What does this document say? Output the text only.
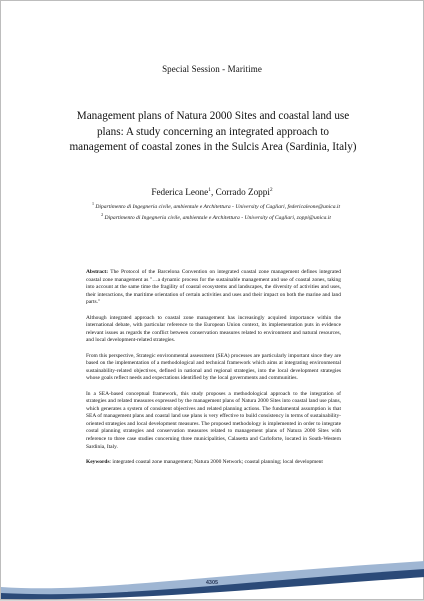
Special Session - Maritime
Management plans of Natura 2000 Sites and coastal land use plans: A study concerning an integrated approach to management of coastal zones in the Sulcis Area (Sardinia, Italy)
Federica Leone$^1$, Corrado Zoppi$^2$
$^1$ Dipartimento di Ingegneria civile, ambientale e Architettura - University of Cagliari, federicaleone@unica.it
$^2$ Dipartimento di Ingegneria civile, ambientale e Architettura - University of Cagliari, zoppi@unica.it

Abstract: The Protocol of the Barcelona Convention on integrated coastal zone management defines integrated coastal zone management as "…a dynamic process for the sustainable management and use of coastal zones, taking into account at the same time the fragility of coastal ecosystems and landscapes, the diversity of activities and uses, their interactions, the maritime orientation of certain activities and uses and their impact on both the marine and land parts."

Although integrated approach to coastal zone management has increasingly acquired importance within the international debate, with particular reference to the European Union context, its implementation puts in evidence relevant issues as regards the conflict between conservation measures related to environment and natural resources, and local development-related strategies.

From this perspective, Strategic environmental assessment (SEA) processes are particularly important since they are based on the implementation of a methodological and technical framework which aims at integrating environmental sustainability-related objectives, defined in national and regional strategies, into the local development strategies whose goals reflect needs and expectations identified by the local governments and communities.

In a SEA-based conceptual framework, this study proposes a methodological approach to the integration of strategies and related measures expressed by the management plans of Natura 2000 Sites into coastal land use plans, which generates a system of consistent objectives and related planning actions. The fundamental assumption is that SEA of management plans and coastal land use plans is very effective to build consistency in terms of sustainability-oriented strategies and local development measures. The proposed methodology is implemented in order to integrate costal planning strategies and conservation measures related to management plans of Natura 2000 Sites with reference to three case studies concerning three municipalities, Calasetta and Carloforte, located in South-Western Sardinia, Italy.

Keywords: integrated coastal zone management; Natura 2000 Network; coastal planning; local development

4305
